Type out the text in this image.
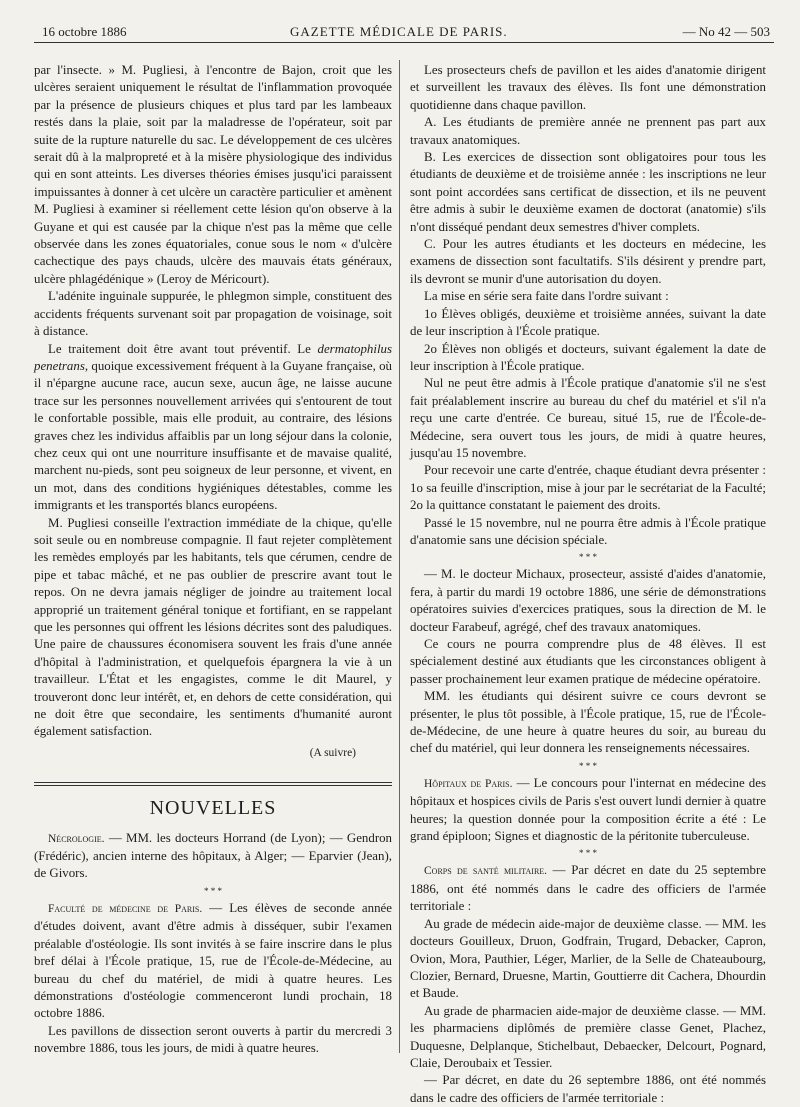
16 octobre 1886	GAZETTE MÉDICALE DE PARIS.	— No 42 — 503

par l'insecte. » M. Pugliesi, à l'encontre de Bajon, croit que les ulcères seraient uniquement le résultat de l'inflammation provoquée par la présence de plusieurs chiques et plus tard par les lambeaux restés dans la plaie, soit par la maladresse de l'opérateur, soit par suite de la rupture naturelle du sac. Le développement de ces ulcères serait dû à la malpropreté et à la misère physiologique des individus qui en sont atteints. Les diverses théories émises jusqu'ici paraissent impuissantes à donner à cet ulcère un caractère particulier et amènent M. Pugliesi à examiner si réellement cette lésion qu'on observe à la Guyane et qui est causée par la chique n'est pas la même que celle observée dans les zones équatoriales, conue sous le nom « d'ulcère cachectique des pays chauds, ulcère des mauvais états généraux, ulcère phlagédénique » (Leroy de Méricourt).

L'adénite inguinale suppurée, le phlegmon simple, constituent des accidents fréquents survenant soit par propagation de voisinage, soit à distance.

Le traitement doit être avant tout préventif. Le dermatophilus penetrans, quoique excessivement fréquent à la Guyane française, où il n'épargne aucune race, aucun sexe, aucun âge, ne laisse aucune trace sur les personnes nouvellement arrivées qui s'entourent de tout le confortable possible, mais elle produit, au contraire, des lésions graves chez les individus affaiblis par un long séjour dans la colonie, chez ceux qui ont une nourriture insuffisante et de mavaise qualité, marchent nu-pieds, sont peu soigneux de leur personne, et vivent, en un mot, dans des conditions hygiéniques détestables, comme les immigrants et les transportés blancs européens.

M. Pugliesi conseille l'extraction immédiate de la chique, qu'elle soit seule ou en nombreuse compagnie. Il faut rejeter complètement les remèdes employés par les habitants, tels que cérumen, cendre de pipe et tabac mâché, et ne pas oublier de prescrire avant tout le repos. On ne devra jamais négliger de joindre au traitement local approprié un traitement général tonique et fortifiant, en se rappelant que les personnes qui offrent les lésions décrites sont des paludiques. Une paire de chaussures économisera souvent les frais d'une année d'hôpital à l'administration, et quelquefois épargnera la vie à un travailleur. L'État et les engagistes, comme le dit Maurel, y trouveront donc leur intérêt, et, en dehors de cette considération, qui ne doit être que secondaire, les sentiments d'humanité auront également satisfaction.

(A suivre)

NOUVELLES

Nécrologie. — MM. les docteurs Horrand (de Lyon); — Gendron (Frédéric), ancien interne des hôpitaux, à Alger; — Eparvier (Jean), de Givors.

* * *

Faculté de médecine de Paris. — Les élèves de seconde année d'études doivent, avant d'être admis à disséquer, subir l'examen préalable d'ostéologie. Ils sont invités à se faire inscrire dans le plus bref délai à l'École pratique, 15, rue de l'École-de-Médecine, au bureau du chef du matériel, de midi à quatre heures. Les démonstrations d'ostéologie commenceront lundi prochain, 18 octobre 1886.

Les pavillons de dissection seront ouverts à partir du mercredi 3 novembre 1886, tous les jours, de midi à quatre heures.

Les prosecteurs chefs de pavillon et les aides d'anatomie dirigent et surveillent les travaux des élèves. Ils font une démonstration quotidienne dans chaque pavillon.

A. Les étudiants de première année ne prennent pas part aux travaux anatomiques.

B. Les exercices de dissection sont obligatoires pour tous les étudiants de deuxième et de troisième année : les inscriptions ne leur sont point accordées sans certificat de dissection, et ils ne peuvent être admis à subir le deuxième examen de doctorat (anatomie) s'ils n'ont disséqué pendant deux semestres d'hiver complets.

C. Pour les autres étudiants et les docteurs en médecine, les examens de dissection sont facultatifs. S'ils désirent y prendre part, ils devront se munir d'une autorisation du doyen.

La mise en série sera faite dans l'ordre suivant :

1o Élèves obligés, deuxième et troisième années, suivant la date de leur inscription à l'École pratique.

2o Élèves non obligés et docteurs, suivant également la date de leur inscription à l'École pratique.

Nul ne peut être admis à l'École pratique d'anatomie s'il ne s'est fait préalablement inscrire au bureau du chef du matériel et s'il n'a reçu une carte d'entrée. Ce bureau, situé 15, rue de l'École-de-Médecine, sera ouvert tous les jours, de midi à quatre heures, jusqu'au 15 novembre.

Pour recevoir une carte d'entrée, chaque étudiant devra présenter : 1o sa feuille d'inscription, mise à jour par le secrétariat de la Faculté; 2o la quittance constatant le paiement des droits.

Passé le 15 novembre, nul ne pourra être admis à l'École pratique d'anatomie sans une décision spéciale.

* * *

— M. le docteur Michaux, prosecteur, assisté d'aides d'anatomie, fera, à partir du mardi 19 octobre 1886, une série de démonstrations opératoires suivies d'exercices pratiques, sous la direction de M. le docteur Farabeuf, agrégé, chef des travaux anatomiques.

Ce cours ne pourra comprendre plus de 48 élèves. Il est spécialement destiné aux étudiants que les circonstances obligent à passer prochainement leur examen pratique de médecine opératoire.

MM. les étudiants qui désirent suivre ce cours devront se présenter, le plus tôt possible, à l'École pratique, 15, rue de l'École-de-Médecine, de une heure à quatre heures du soir, au bureau du chef du matériel, qui leur donnera les renseignements nécessaires.

* * *

Hôpitaux de Paris. — Le concours pour l'internat en médecine des hôpitaux et hospices civils de Paris s'est ouvert lundi dernier à quatre heures; la question donnée pour la composition écrite a été : Le grand épiploon; Signes et diagnostic de la péritonite tuberculeuse.

* * *

Corps de santé militaire. — Par décret en date du 25 septembre 1886, ont été nommés dans le cadre des officiers de l'armée territoriale :

Au grade de médecin aide-major de deuxième classe. — MM. les docteurs Gouilleux, Druon, Godfrain, Trugard, Debacker, Capron, Ovion, Mora, Pauthier, Léger, Marlier, de la Selle de Chateaubourg, Clozier, Bernard, Druesne, Martin, Gouttierre dit Cachera, Dhourdin et Baude.

Au grade de pharmacien aide-major de deuxième classe. — MM. les pharmaciens diplômés de première classe Genet, Plachez, Duquesne, Delplanque, Stichelbaut, Debaecker, Delcourt, Pognard, Claie, Deroubaix et Tessier.

— Par décret, en date du 26 septembre 1886, ont été nommés dans le cadre des officiers de l'armée territoriale :
